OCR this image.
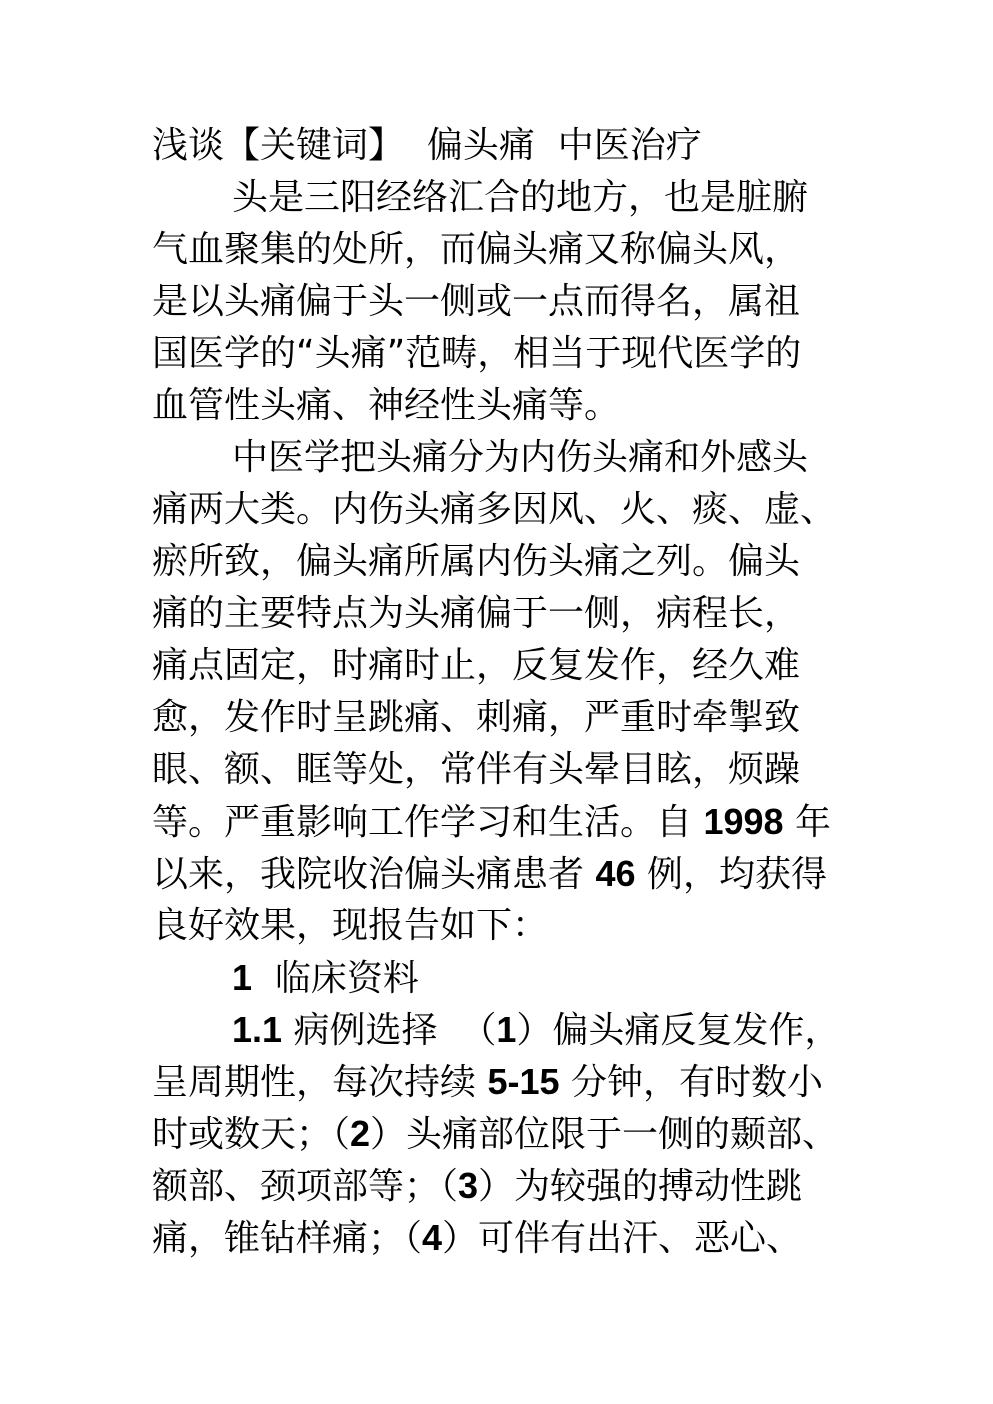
浅谈【关键词】  偏头痛  中医治疗
头是三阳经络汇合的地方，也是脏腑
气血聚集的处所，而偏头痛又称偏头风，
是以头痛偏于头一侧或一点而得名，属祖
国医学的“头痛”范畴，相当于现代医学的
血管性头痛、神经性头痛等。
中医学把头痛分为内伤头痛和外感头
痛两大类。内伤头痛多因风、火、痰、虚、
瘀所致，偏头痛所属内伤头痛之列。偏头
痛的主要特点为头痛偏于一侧，病程长，
痛点固定，时痛时止，反复发作，经久难
愈，发作时呈跳痛、刺痛，严重时牵掣致
眼、额、眶等处，常伴有头晕目眩，烦躁
等。严重影响工作学习和生活。自 1998 年
以来，我院收治偏头痛患者 46 例，均获得
良好效果，现报告如下：
1  临床资料
1.1 病例选择  （1）偏头痛反复发作，
呈周期性，每次持续 5-15 分钟，有时数小
时或数天；（2）头痛部位限于一侧的颞部、
额部、颈项部等；（3）为较强的搏动性跳
痛，锥钻样痛；（4）可伴有出汗、恶心、
